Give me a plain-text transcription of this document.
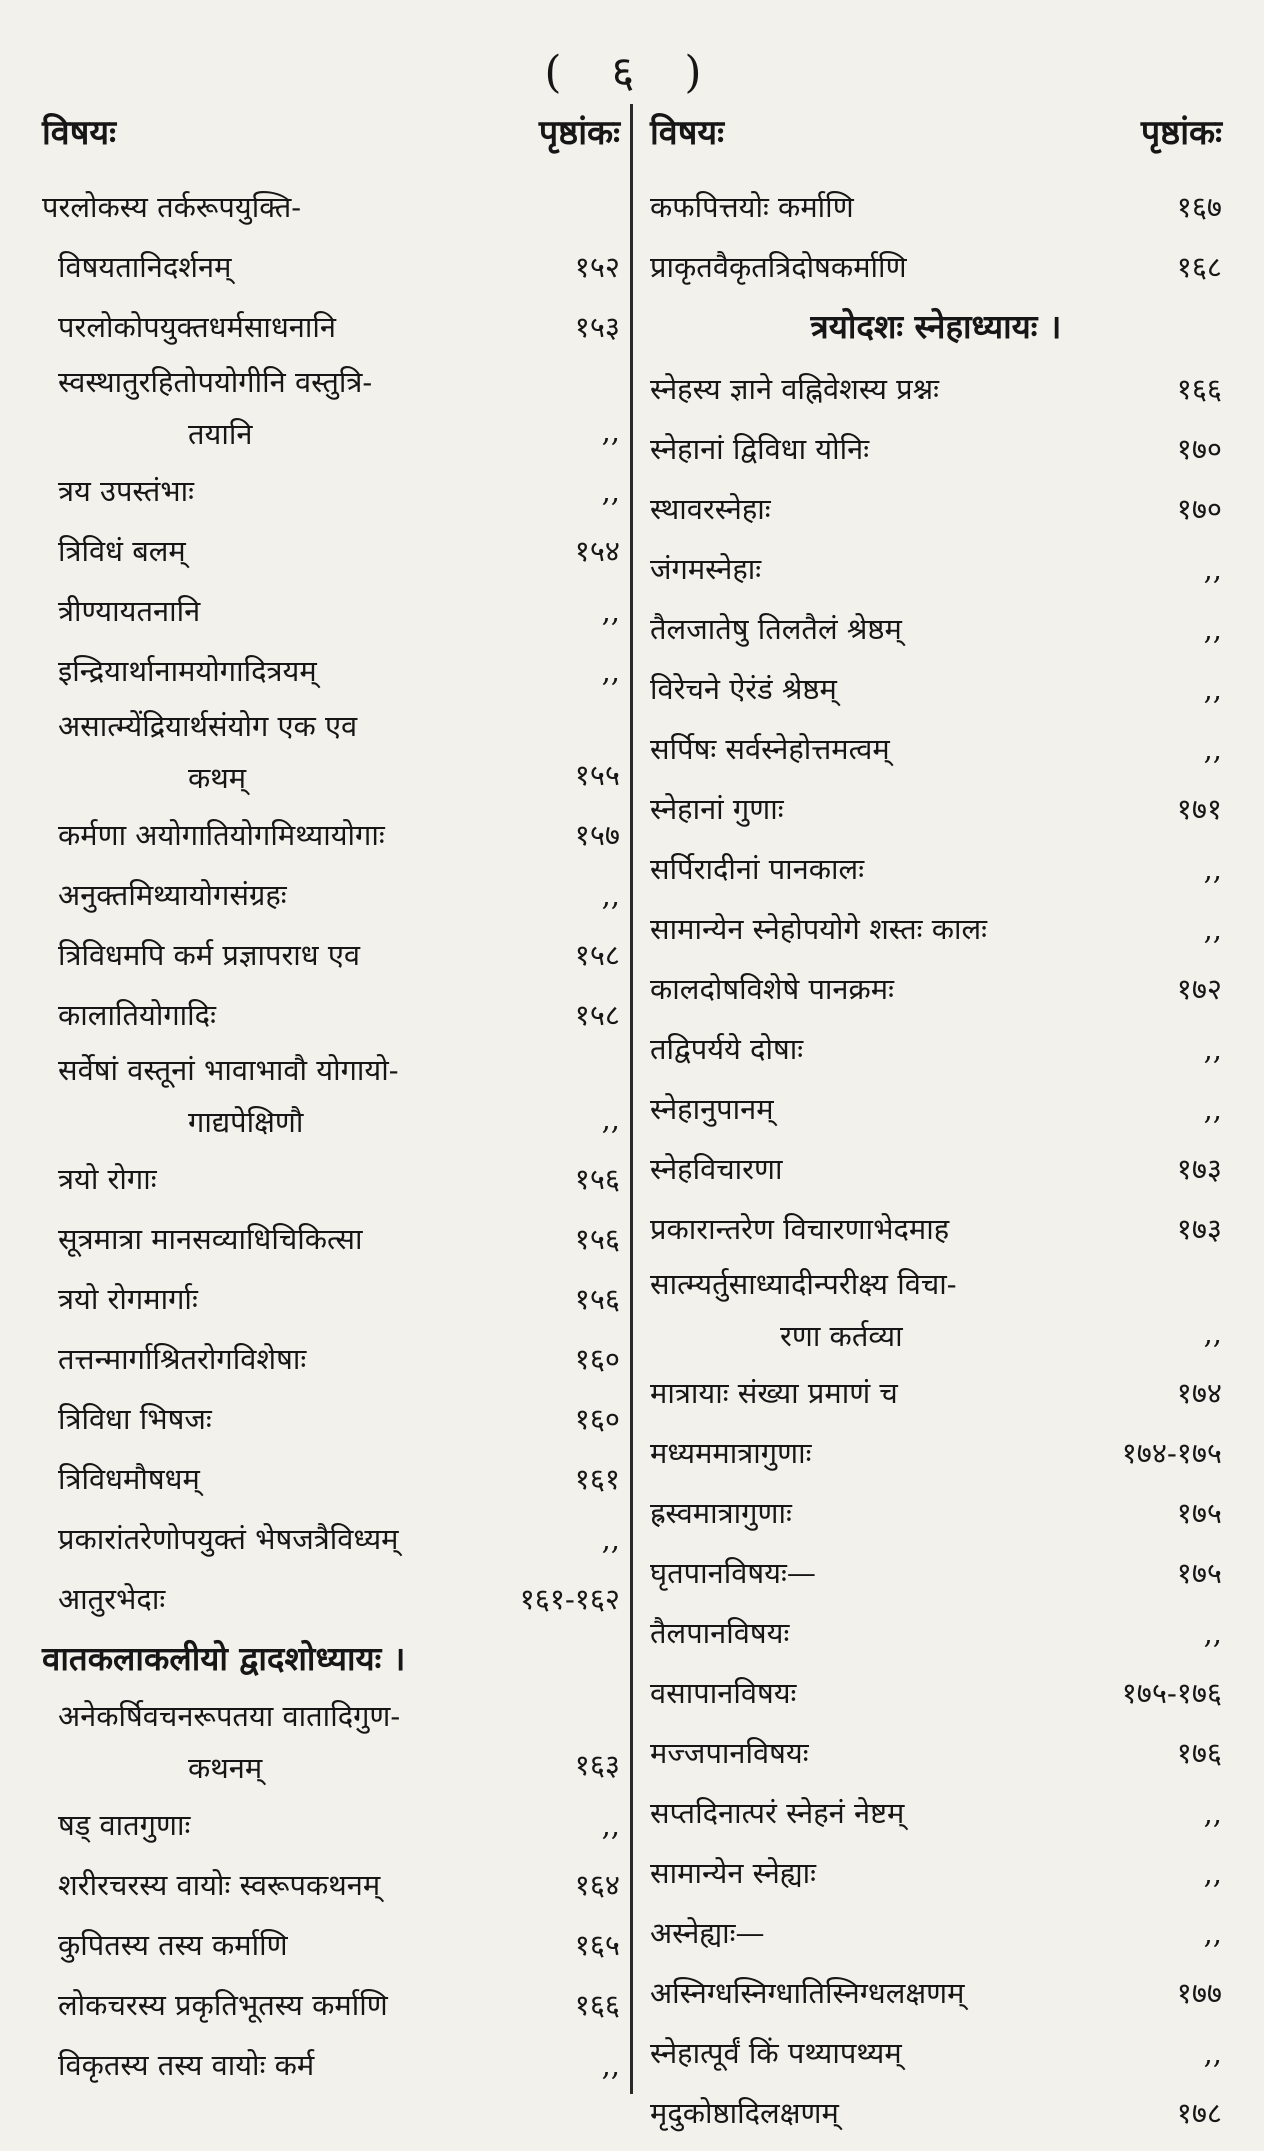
( ६ )
विषयः	पृष्ठांकः
परलोकस्य तर्करूपयुक्ति-
विषयतानिदर्शनम्	१५२
परलोकोपयुक्तधर्मसाधनानि	१५३
स्वस्थातुरहितोपयोगीनि वस्तुत्रि-
तयानि	,,
त्रय उपस्तंभाः	,,
त्रिविधं बलम्	१५४
त्रीण्यायतनानि	,,
इन्द्रियार्थानामयोगादित्रयम्	,,
असात्म्येंद्रियार्थसंयोग एक एव
कथम्	१५५
कर्मणा अयोगातियोगमिथ्यायोगाः	१५७
अनुक्तमिथ्यायोगसंग्रहः	,,
त्रिविधमपि कर्म प्रज्ञापराध एव	१५८
कालातियोगादिः	१५८
सर्वेषां वस्तूनां भावाभावौ योगायो-
गाद्यपेक्षिणौ	,,
त्रयो रोगाः	१५६
सूत्रमात्रा मानसव्याधिचिकित्सा	१५६
त्रयो रोगमार्गाः	१५६
तत्तन्मार्गाश्रितरोगविशेषाः	१६०
त्रिविधा भिषजः	१६०
त्रिविधमौषधम्	१६१
प्रकारांतरेणोपयुक्तं भेषजत्रैविध्यम्	,,
आतुरभेदाः	१६१-१६२
वातकलाकलीयो द्वादशोध्यायः ।
अनेकर्षिवचनरूपतया वातादिगुण-
कथनम्	१६३
षड् वातगुणाः	,,
शरीरचरस्य वायोः स्वरूपकथनम्	१६४
कुपितस्य तस्य कर्माणि	१६५
लोकचरस्य प्रकृतिभूतस्य कर्माणि	१६६
विकृतस्य तस्य वायोः कर्म	,,
विषयः	पृष्ठांकः
कफपित्तयोः कर्माणि	१६७
प्राकृतवैकृतत्रिदोषकर्माणि	१६८
त्रयोदशः स्नेहाध्यायः ।
स्नेहस्य ज्ञाने वह्निवेशस्य प्रश्नः	१६६
स्नेहानां द्विविधा योनिः	१७०
स्थावरस्नेहाः	१७०
जंगमस्नेहाः	,,
तैलजातेषु तिलतैलं श्रेष्ठम्	,,
विरेचने ऐरंडं श्रेष्ठम्	,,
सर्पिषः सर्वस्नेहोत्तमत्वम्	,,
स्नेहानां गुणाः	१७१
सर्पिरादीनां पानकालः	,,
सामान्येन स्नेहोपयोगे शस्तः कालः	,,
कालदोषविशेषे पानक्रमः	१७२
तद्विपर्यये दोषाः	,,
स्नेहानुपानम्	,,
स्नेहविचारणा	१७३
प्रकारान्तरेण विचारणाभेदमाह	१७३
सात्म्यर्तुसाध्यादीन्परीक्ष्य विचा-
रणा कर्तव्या	,,
मात्रायाः संख्या प्रमाणं च	१७४
मध्यममात्रागुणाः	१७४-१७५
ह्रस्वमात्रागुणाः	१७५
घृतपानविषयः—	१७५
तैलपानविषयः	,,
वसापानविषयः	१७५-१७६
मज्जपानविषयः	१७६
सप्तदिनात्परं स्नेहनं नेष्टम्	,,
सामान्येन स्नेह्याः	,,
अस्नेह्याः—	,,
अस्निग्धस्निग्धातिस्निग्धलक्षणम्	१७७
स्नेहात्पूर्वं किं पथ्यापथ्यम्	,,
मृदुकोष्ठादिलक्षणम्	१७८
